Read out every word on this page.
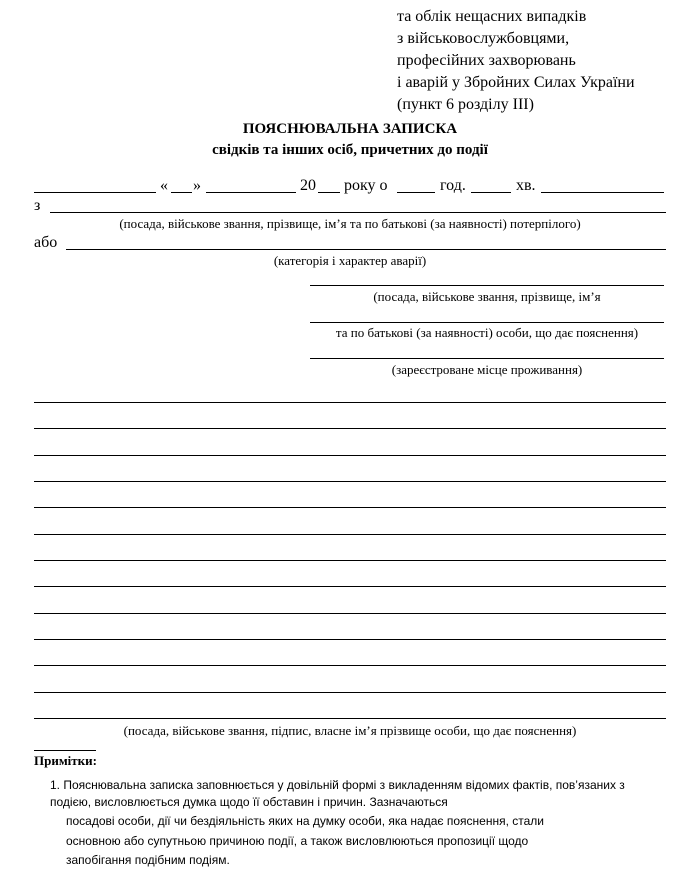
та облік нещасних випадків
з військовослужбовцями,
професійних захворювань
і аварій у Збройних Силах України
(пункт 6 розділу ІІІ)
ПОЯСНЮВАЛЬНА ЗАПИСКА
свідків та інших осіб, причетних до події
« »	20 року о	год.	хв.
з
(посада, військове звання, прізвище, ім’я та по батькові (за наявності) потерпілого)
або
(категорія і характер аварії)
(посада, військове звання, прізвище, ім’я
та по батькові (за наявності) особи, що дає пояснення)
(зареєстроване місце проживання)
(посада, військове звання, підпис, власне ім’я прізвище особи, що дає пояснення)
Примітки:
1. Пояснювальна записка заповнюється у довільній формі з викладенням відомих фактів, пов’язаних з
подією, висловлюється думка щодо її обставин і причин. Зазначаються
посадові особи, дії чи бездіяльність яких на думку особи, яка надає пояснення, стали
основною або супутньою причиною події, а також висловлюються пропозиції щодо
запобігання подібним подіям.
